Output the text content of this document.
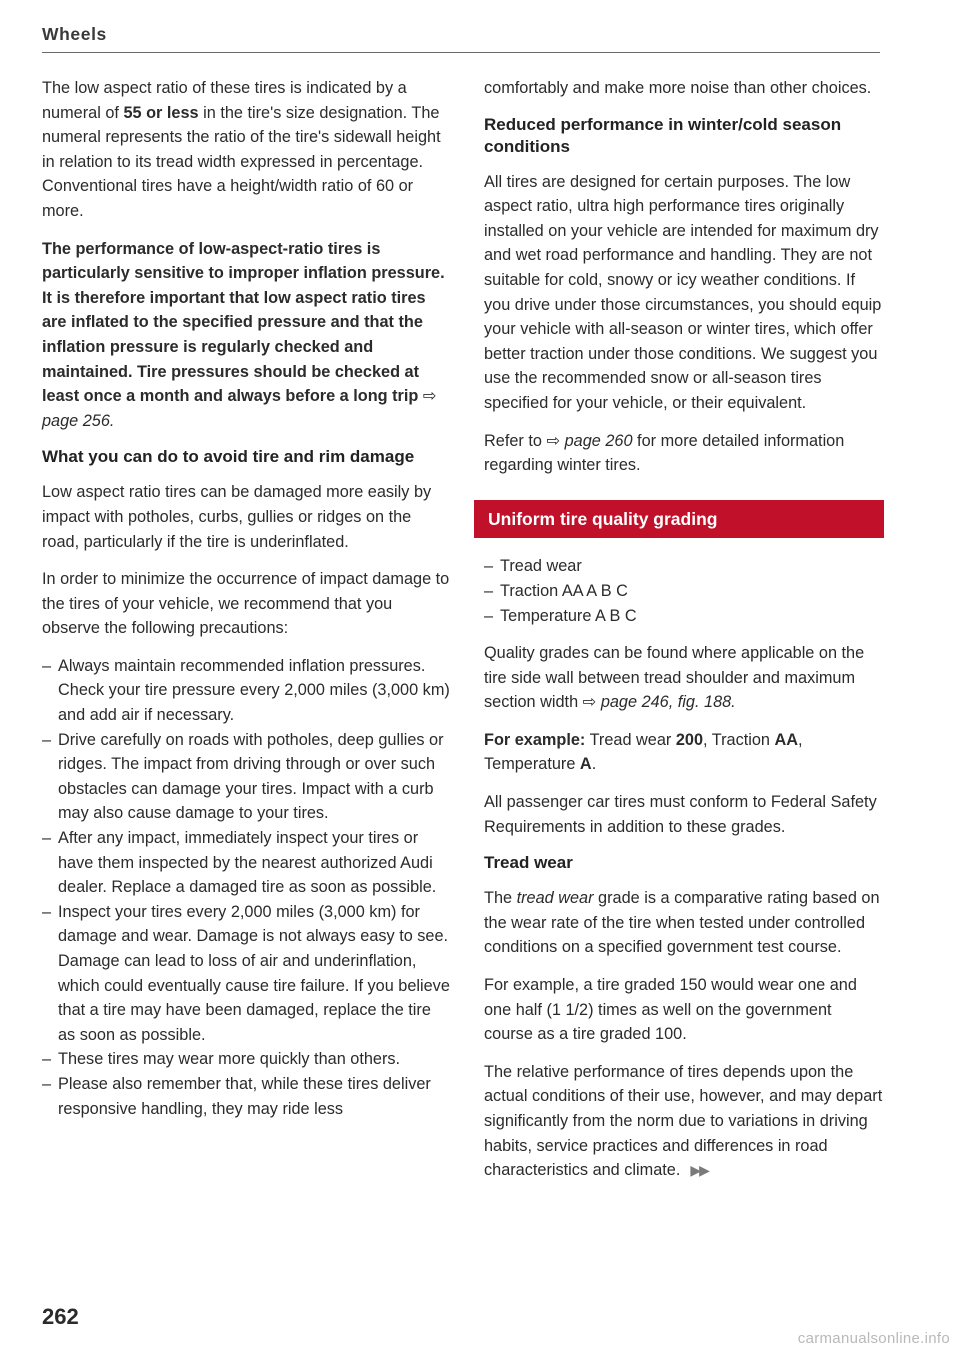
Wheels

The low aspect ratio of these tires is indicated by a numeral of 55 or less in the tire's size designation. The numeral represents the ratio of the tire's sidewall height in relation to its tread width expressed in percentage. Conventional tires have a height/width ratio of 60 or more.

The performance of low-aspect-ratio tires is particularly sensitive to improper inflation pressure. It is therefore important that low aspect ratio tires are inflated to the specified pressure and that the inflation pressure is regularly checked and maintained. Tire pressures should be checked at least once a month and always before a long trip ⇨ page 256.

What you can do to avoid tire and rim damage

Low aspect ratio tires can be damaged more easily by impact with potholes, curbs, gullies or ridges on the road, particularly if the tire is underinflated.

In order to minimize the occurrence of impact damage to the tires of your vehicle, we recommend that you observe the following precautions:

– Always maintain recommended inflation pressures. Check your tire pressure every 2,000 miles (3,000 km) and add air if necessary.
– Drive carefully on roads with potholes, deep gullies or ridges. The impact from driving through or over such obstacles can damage your tires. Impact with a curb may also cause damage to your tires.
– After any impact, immediately inspect your tires or have them inspected by the nearest authorized Audi dealer. Replace a damaged tire as soon as possible.
– Inspect your tires every 2,000 miles (3,000 km) for damage and wear. Damage is not always easy to see. Damage can lead to loss of air and underinflation, which could eventually cause tire failure. If you believe that a tire may have been damaged, replace the tire as soon as possible.
– These tires may wear more quickly than others.
– Please also remember that, while these tires deliver responsive handling, they may ride less

comfortably and make more noise than other choices.

Reduced performance in winter/cold season conditions

All tires are designed for certain purposes. The low aspect ratio, ultra high performance tires originally installed on your vehicle are intended for maximum dry and wet road performance and handling. They are not suitable for cold, snowy or icy weather conditions. If you drive under those circumstances, you should equip your vehicle with all-season or winter tires, which offer better traction under those conditions. We suggest you use the recommended snow or all-season tires specified for your vehicle, or their equivalent.

Refer to ⇨ page 260 for more detailed information regarding winter tires.

Uniform tire quality grading
– Tread wear
– Traction AA A B C
– Temperature A B C

Quality grades can be found where applicable on the tire side wall between tread shoulder and maximum section width ⇨ page 246, fig. 188.

For example: Tread wear 200, Traction AA, Temperature A.

All passenger car tires must conform to Federal Safety Requirements in addition to these grades.

Tread wear

The tread wear grade is a comparative rating based on the wear rate of the tire when tested under controlled conditions on a specified government test course.

For example, a tire graded 150 would wear one and one half (1 1/2) times as well on the government course as a tire graded 100.

The relative performance of tires depends upon the actual conditions of their use, however, and may depart significantly from the norm due to variations in driving habits, service practices and differences in road characteristics and climate. ▶▶

262
carmanualsonline.info
